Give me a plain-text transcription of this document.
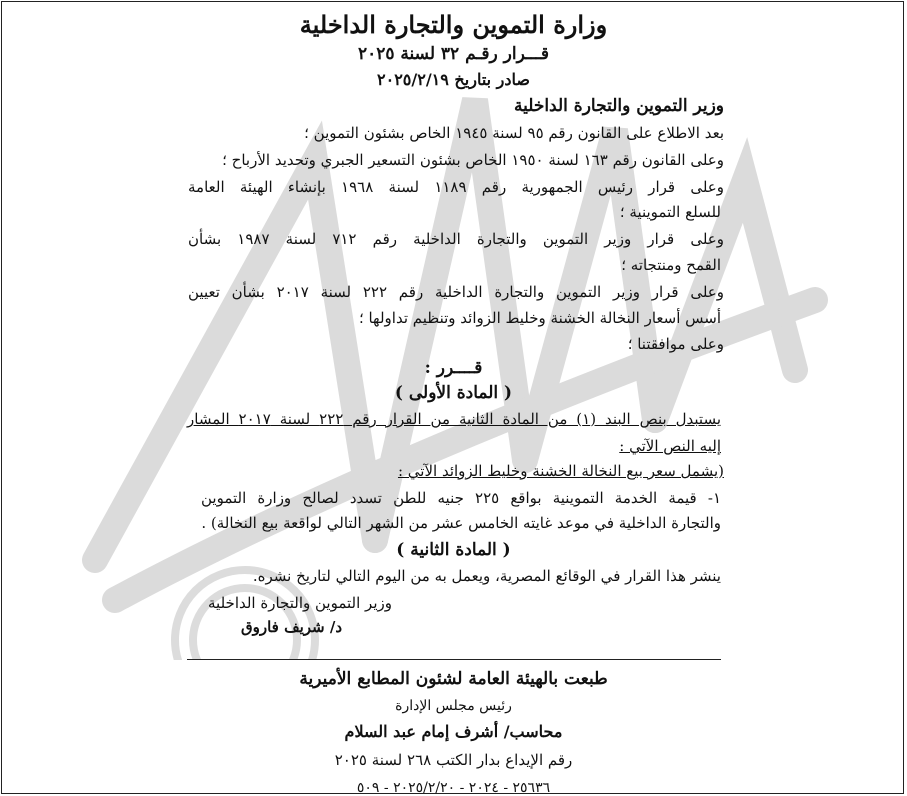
وزارة التموين والتجارة الداخلية
قـــرار رقـم ٣٢ لسنة ٢٠٢٥
صادر بتاريخ ٢٠٢٥/٢/١٩
وزير التموين والتجارة الداخلية
بعد الاطلاع على القانون رقم ٩٥ لسنة ١٩٤٥ الخاص بشئون التموين ؛
وعلى القانون رقم ١٦٣ لسنة ١٩٥٠ الخاص بشئون التسعير الجبري وتحديد الأرباح ؛
وعلى قرار رئيس الجمهورية رقم ١١٨٩ لسنة ١٩٦٨ بإنشاء الهيئة العامة
للسلع التموينية ؛
وعلى قرار وزير التموين والتجارة الداخلية رقم ٧١٢ لسنة ١٩٨٧ بشأن
القمح ومنتجاته ؛
وعلى قرار وزير التموين والتجارة الداخلية رقم ٢٢٢ لسنة ٢٠١٧ بشأن تعيين
أسس أسعار النخالة الخشنة وخليط الزوائد وتنظيم تداولها ؛
وعلى موافقتنا ؛
قــــرر :
( المادة الأولى )
يستبدل بنص البند (١) من المادة الثانية من القرار رقم ٢٢٢ لسنة ٢٠١٧ المشار
إليه النص الآتي :
(يشمل سعر بيع النخالة الخشنة وخليط الزوائد الآتي :
١- قيمة الخدمة التموينية بواقع ٢٢٥ جنيه للطن تسدد لصالح وزارة التموين
والتجارة الداخلية في موعد غايته الخامس عشر من الشهر التالي لواقعة بيع النخالة) .
( المادة الثانية )
ينشر هذا القرار في الوقائع المصرية، ويعمل به من اليوم التالي لتاريخ نشره.
وزير التموين والتجارة الداخلية
د/ شريف فاروق
طبعت بالهيئة العامة لشئون المطابع الأميرية
رئيس مجلس الإدارة
محاسب/ أشرف إمام عبد السلام
رقم الإيداع بدار الكتب ٢٦٨ لسنة ٢٠٢٥
٢٥٦٣٦ - ٢٠٢٤ - ٢٠٢٥/٢/٢٠ - ٥٠٩
